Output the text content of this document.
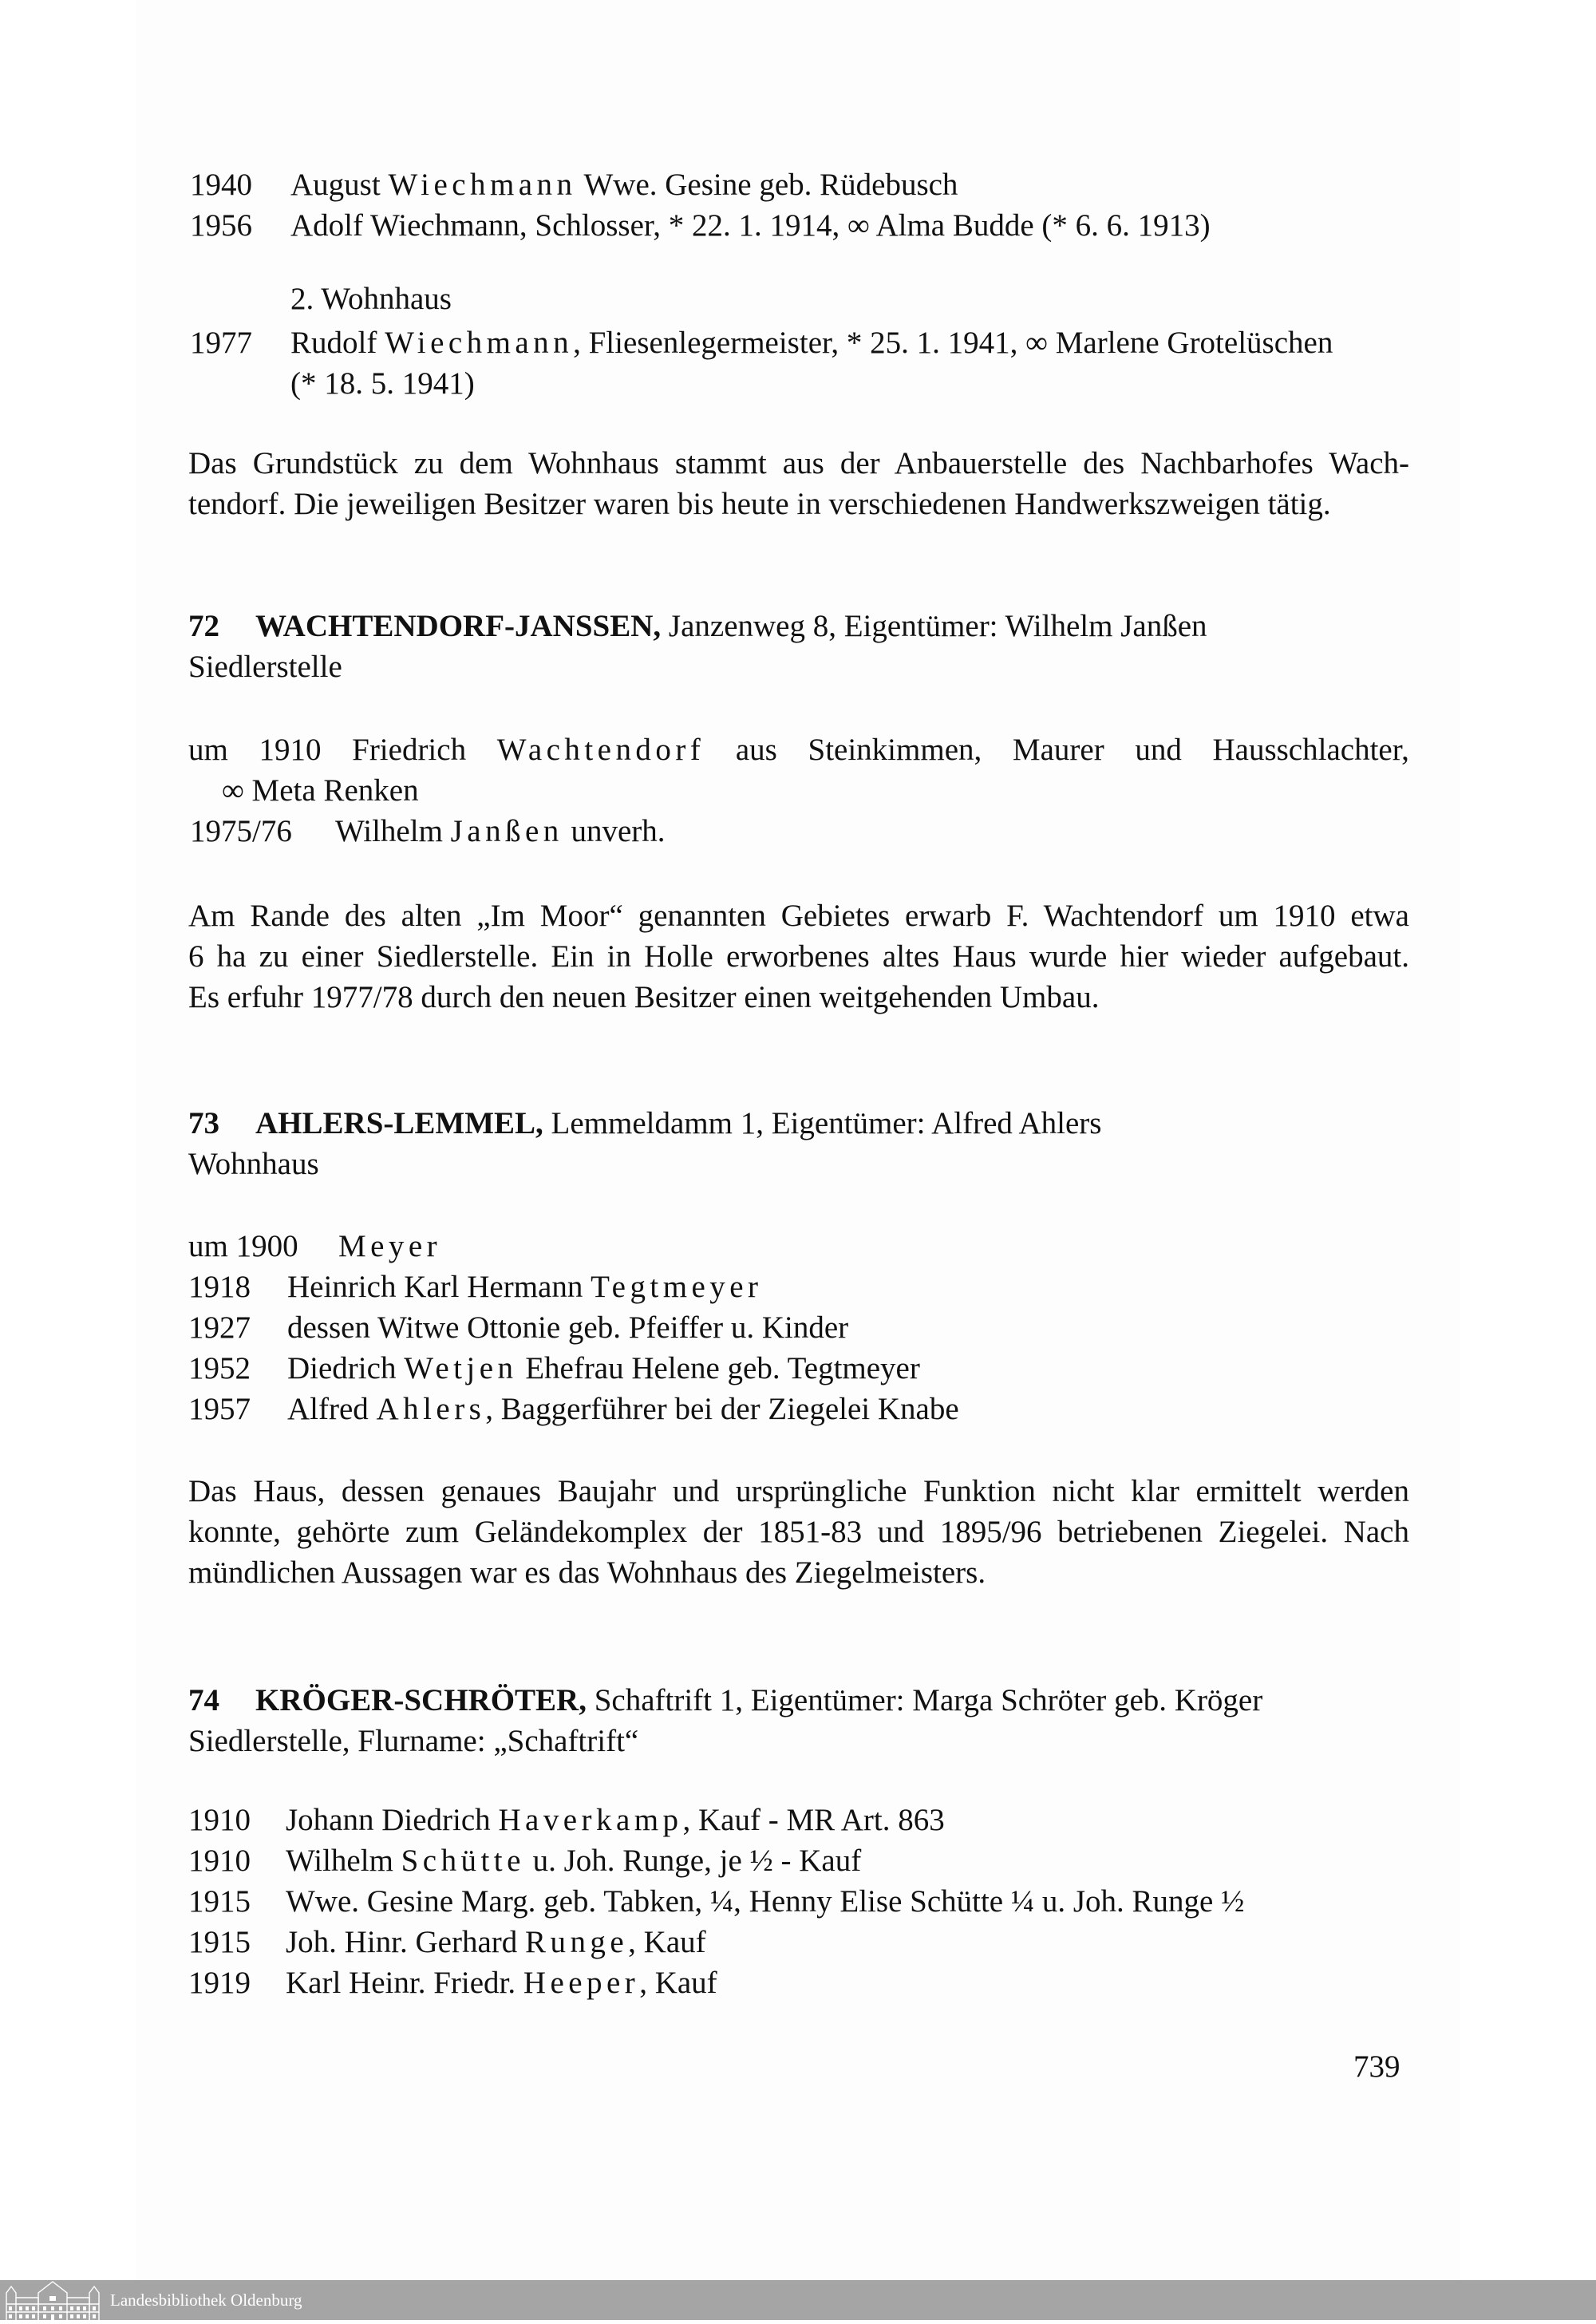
1940 August Wiechmann Wwe. Gesine geb. Rüdebusch
1956 Adolf Wiechmann, Schlosser, * 22. 1. 1914, ∞ Alma Budde (* 6. 6. 1913)
2. Wohnhaus
1977 Rudolf Wiechmann, Fliesenlegermeister, * 25. 1. 1941, ∞ Marlene Grotelüschen
(* 18. 5. 1941)
Das Grundstück zu dem Wohnhaus stammt aus der Anbauerstelle des Nachbarhofes Wach-
tendorf. Die jeweiligen Besitzer waren bis heute in verschiedenen Handwerkszweigen tätig.
72 WACHTENDORF-JANSSEN, Janzenweg 8, Eigentümer: Wilhelm Janßen
Siedlerstelle
um 1910 Friedrich Wachtendorf aus Steinkimmen, Maurer und Hausschlachter,
∞ Meta Renken
1975/76 Wilhelm Janßen unverh.
Am Rande des alten „Im Moor“ genannten Gebietes erwarb F. Wachtendorf um 1910 etwa
6 ha zu einer Siedlerstelle. Ein in Holle erworbenes altes Haus wurde hier wieder aufgebaut.
Es erfuhr 1977/78 durch den neuen Besitzer einen weitgehenden Umbau.
73 AHLERS-LEMMEL, Lemmeldamm 1, Eigentümer: Alfred Ahlers
Wohnhaus
um 1900 Meyer
1918 Heinrich Karl Hermann Tegtmeyer
1927 dessen Witwe Ottonie geb. Pfeiffer u. Kinder
1952 Diedrich Wetjen Ehefrau Helene geb. Tegtmeyer
1957 Alfred Ahlers, Baggerführer bei der Ziegelei Knabe
Das Haus, dessen genaues Baujahr und ursprüngliche Funktion nicht klar ermittelt werden
konnte, gehörte zum Geländekomplex der 1851-83 und 1895/96 betriebenen Ziegelei. Nach
mündlichen Aussagen war es das Wohnhaus des Ziegelmeisters.
74 KRÖGER-SCHRÖTER, Schaftrift 1, Eigentümer: Marga Schröter geb. Kröger
Siedlerstelle, Flurname: „Schaftrift“
1910 Johann Diedrich Haverkamp, Kauf - MR Art. 863
1910 Wilhelm Schütte u. Joh. Runge, je ½ - Kauf
1915 Wwe. Gesine Marg. geb. Tabken, ¼, Henny Elise Schütte ¼ u. Joh. Runge ½
1915 Joh. Hinr. Gerhard Runge, Kauf
1919 Karl Heinr. Friedr. Heeper, Kauf
739
Landesbibliothek Oldenburg
